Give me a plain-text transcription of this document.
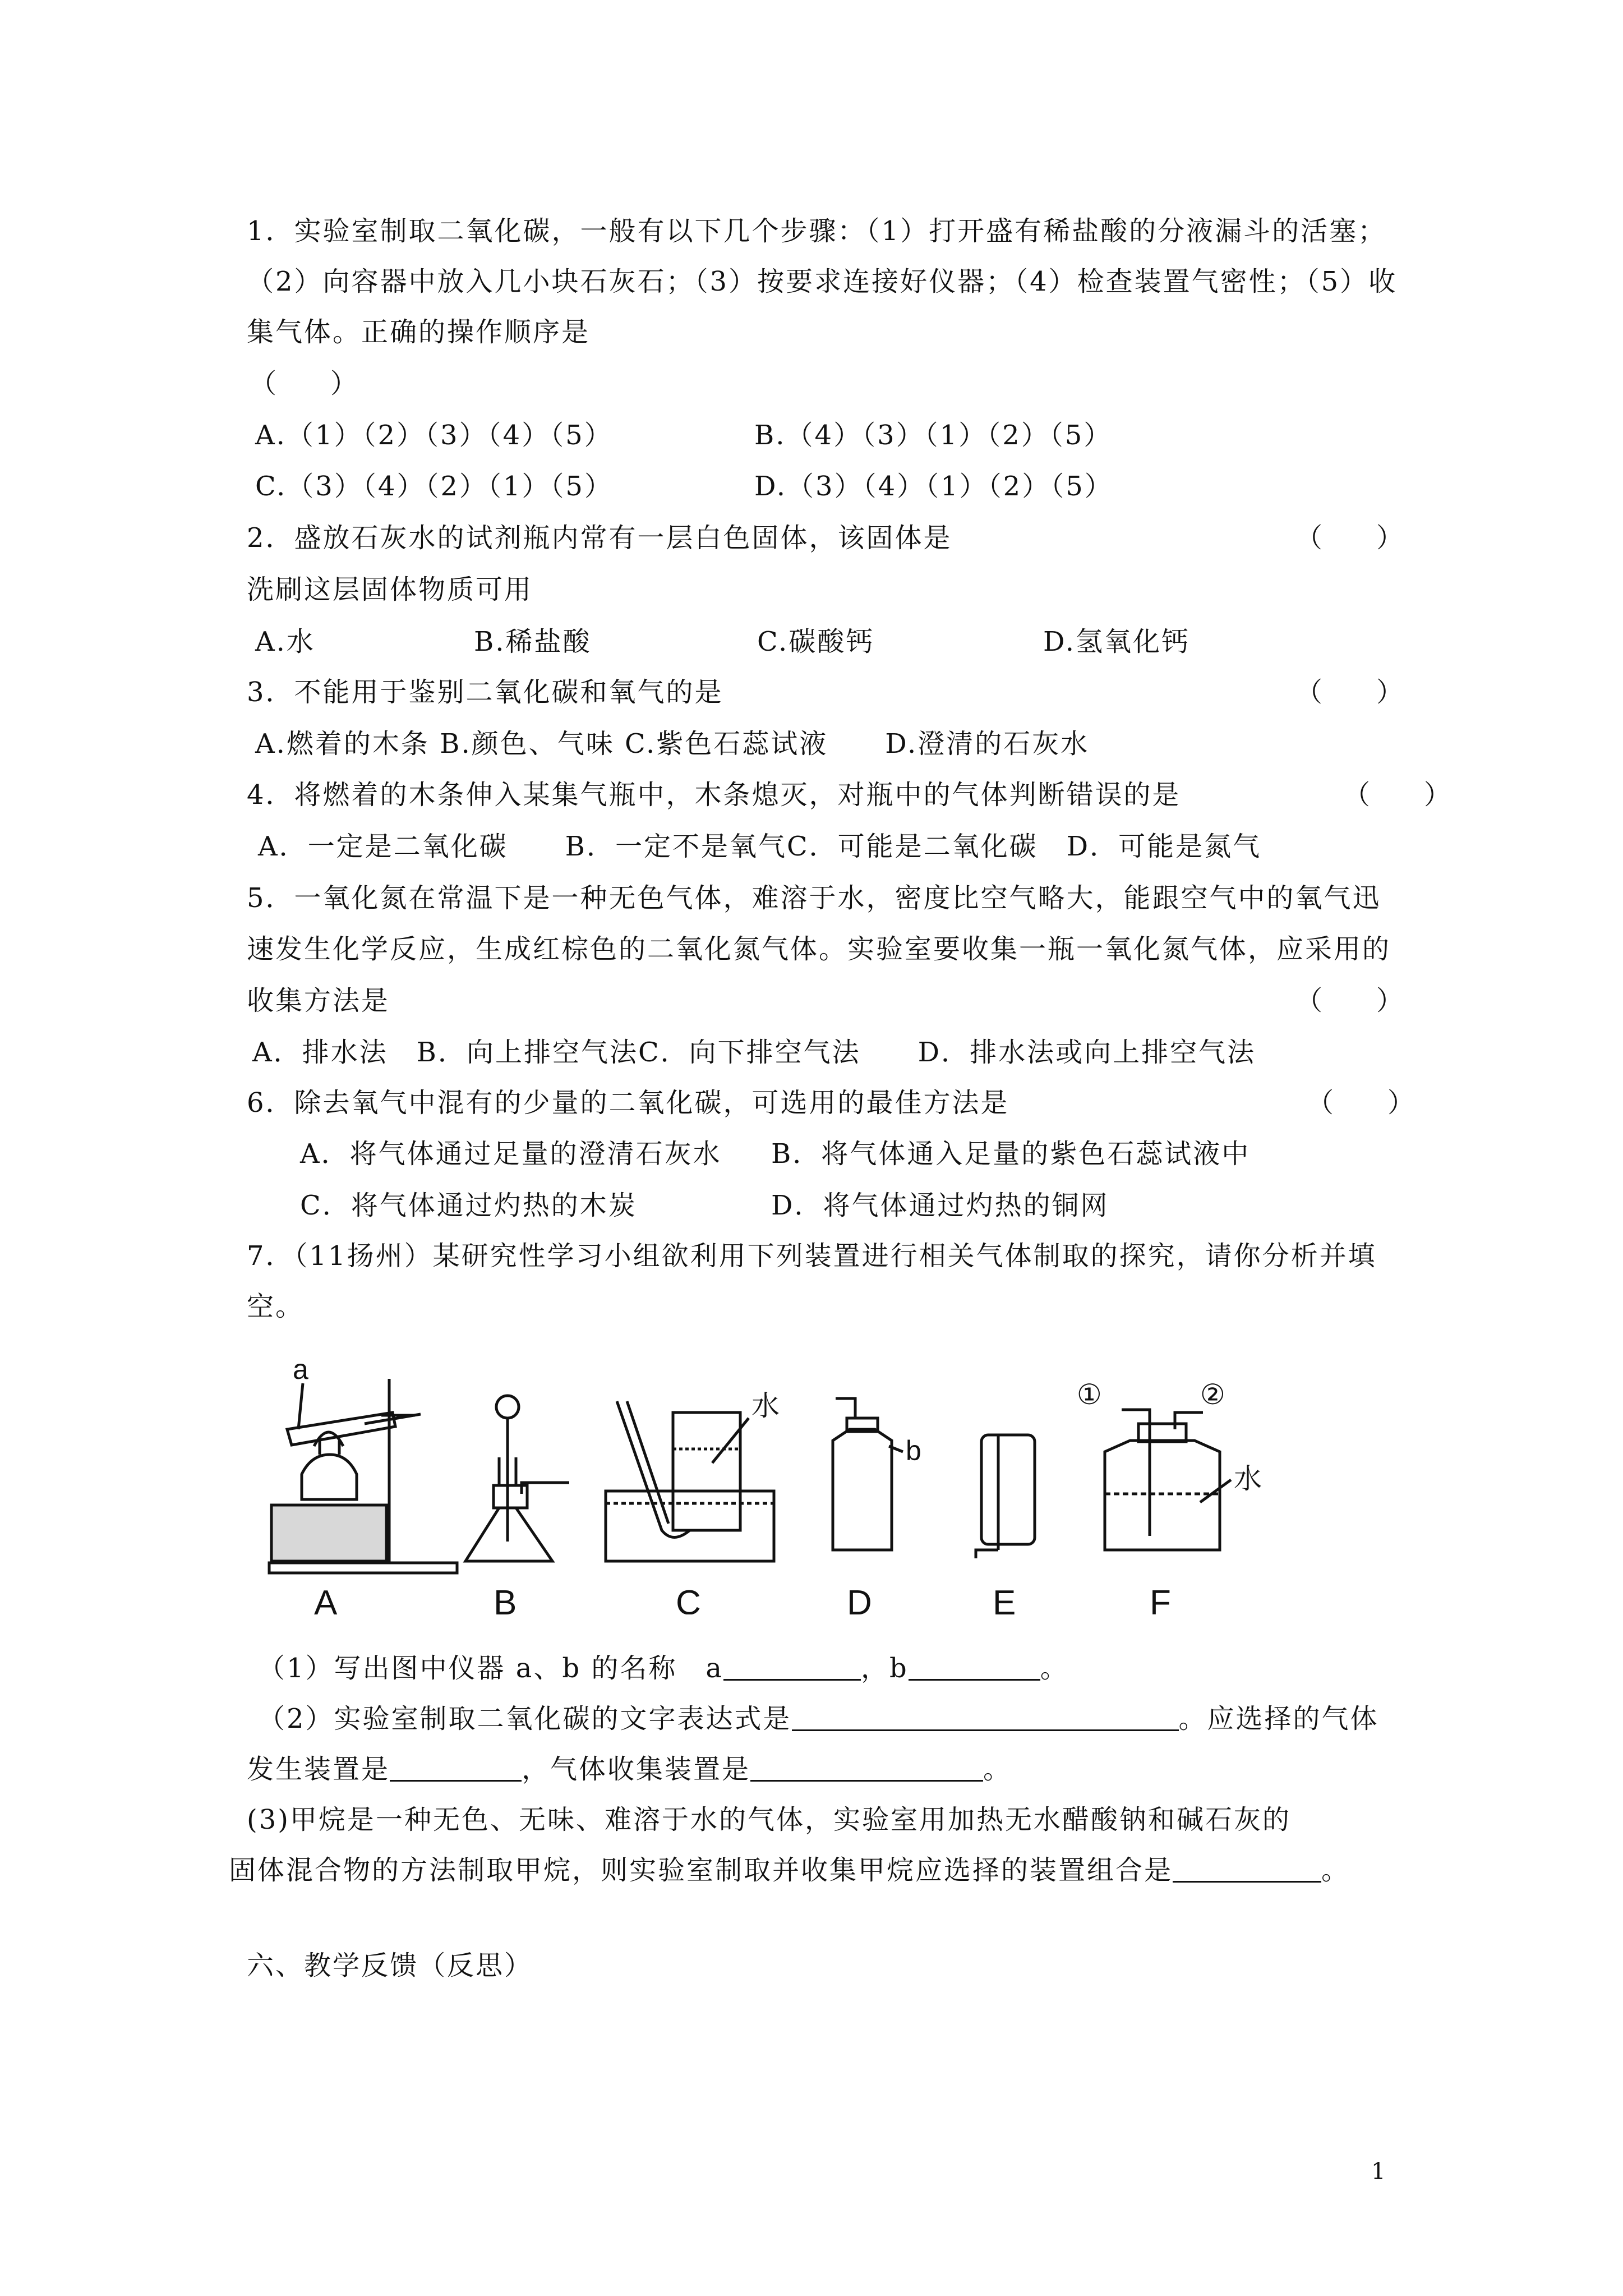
1．实验室制取二氧化碳，一般有以下几个步骤：（1）打开盛有稀盐酸的分液漏斗的活塞；
（2）向容器中放入几小块石灰石；（3）按要求连接好仪器；（4）检查装置气密性；（5）收
集气体。正确的操作顺序是
（　　）
A.（1）（2）（3）（4）（5）	B.（4）（3）（1）（2）（5）
C.（3）（4）（2）（1）（5）	D.（3）（4）（1）（2）（5）
2．盛放石灰水的试剂瓶内常有一层白色固体，该固体是	（　　）
洗刷这层固体物质可用
A.水	B.稀盐酸	C.碳酸钙	D.氢氧化钙
3．不能用于鉴别二氧化碳和氧气的是	（　　）
A.燃着的木条 B.颜色、气味 C.紫色石蕊试液　　D.澄清的石灰水
4．将燃着的木条伸入某集气瓶中，木条熄灭，对瓶中的气体判断错误的是	（　　）
A．一定是二氧化碳　　B．一定不是氧气C．可能是二氧化碳　D．可能是氮气
5．一氧化氮在常温下是一种无色气体，难溶于水，密度比空气略大，能跟空气中的氧气迅
速发生化学反应，生成红棕色的二氧化氮气体。实验室要收集一瓶一氧化氮气体，应采用的
收集方法是	（　　）
A．排水法　B．向上排空气法C．向下排空气法　　D．排水法或向上排空气法
6．除去氧气中混有的少量的二氧化碳，可选用的最佳方法是	（　　）
A．将气体通过足量的澄清石灰水 B．将气体通入足量的紫色石蕊试液中
C．将气体通过灼热的木炭	D．将气体通过灼热的铜网
7．（11扬州）某研究性学习小组欲利用下列装置进行相关气体制取的探究，请你分析并填
空。
a
A	B
水
C
b
D	E
①	②
水
F
（1）写出图中仪器 a、b 的名称　a	，b	。
（2）实验室制取二氧化碳的文字表达式是	。应选择的气体
发生装置是	，气体收集装置是	。
(3)甲烷是一种无色、无味、难溶于水的气体，实验室用加热无水醋酸钠和碱石灰的
固体混合物的方法制取甲烷，则实验室制取并收集甲烷应选择的装置组合是	。
六、教学反馈（反思）
1
